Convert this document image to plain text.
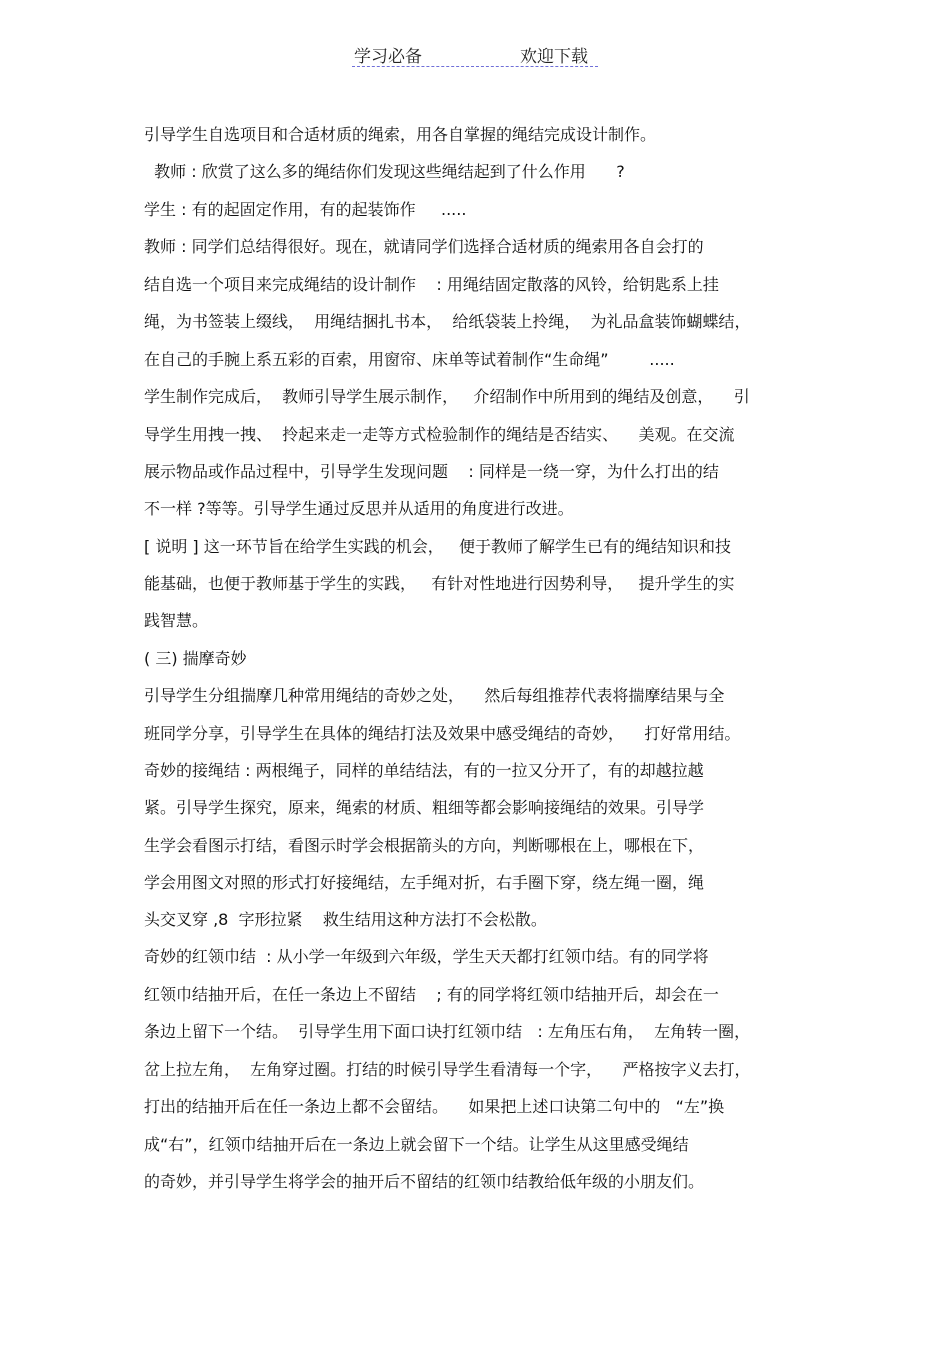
学习必备	欢迎下载
引导学生自选项目和合适材质的绳索，用各自掌握的绳结完成设计制作。
教师 : 欣赏了这么多的绳结你们发现这些绳结起到了什么作用      ?
学生 : 有的起固定作用，有的起装饰作     .....
教师 : 同学们总结得很好。现在，就请同学们选择合适材质的绳索用各自会打的
结自选一个项目来完成绳结的设计制作    : 用绳结固定散落的风铃，给钥匙系上挂
绳，为书签装上缀线，  用绳结捆扎书本，  给纸袋装上拎绳，  为礼品盒装饰蝴蝶结，
在自己的手腕上系五彩的百索，用窗帘、床单等试着制作“生命绳”        .....
学生制作完成后，  教师引导学生展示制作，   介绍制作中所用到的绳结及创意，    引
导学生用拽一拽、  拎起来走一走等方式检验制作的绳结是否结实、    美观。在交流
展示物品或作品过程中，引导学生发现问题    : 同样是一绕一穿，为什么打出的结
不一样 ?等等。引导学生通过反思并从适用的角度进行改进。
[ 说明 ] 这一环节旨在给学生实践的机会，   便于教师了解学生已有的绳结知识和技
能基础，也便于教师基于学生的实践，   有针对性地进行因势利导，   提升学生的实
践智慧。
( 三) 揣摩奇妙
引导学生分组揣摩几种常用绳结的奇妙之处，    然后每组推荐代表将揣摩结果与全
班同学分享，引导学生在具体的绳结打法及效果中感受绳结的奇妙，    打好常用结。
奇妙的接绳结 : 两根绳子，同样的单结结法，有的一拉又分开了，有的却越拉越
紧。引导学生探究，原来，绳索的材质、粗细等都会影响接绳结的效果。引导学
生学会看图示打结，看图示时学会根据箭头的方向，判断哪根在上，哪根在下，
学会用图文对照的形式打好接绳结，左手绳对折，右手圈下穿，绕左绳一圈，绳
头交叉穿 ,8  字形拉紧    救生结用这种方法打不会松散。
奇妙的红领巾结  : 从小学一年级到六年级，学生天天都打红领巾结。有的同学将
红领巾结抽开后，在任一条边上不留结    ; 有的同学将红领巾结抽开后，却会在一
条边上留下一个结。  引导学生用下面口诀打红领巾结   : 左角压右角，  左角转一圈，
岔上拉左角，  左角穿过圈。打结的时候引导学生看清每一个字，    严格按字义去打，
打出的结抽开后在任一条边上都不会留结。    如果把上述口诀第二句中的   “左”换
成“右”，红领巾结抽开后在一条边上就会留下一个结。让学生从这里感受绳结
的奇妙，并引导学生将学会的抽开后不留结的红领巾结教给低年级的小朋友们。
